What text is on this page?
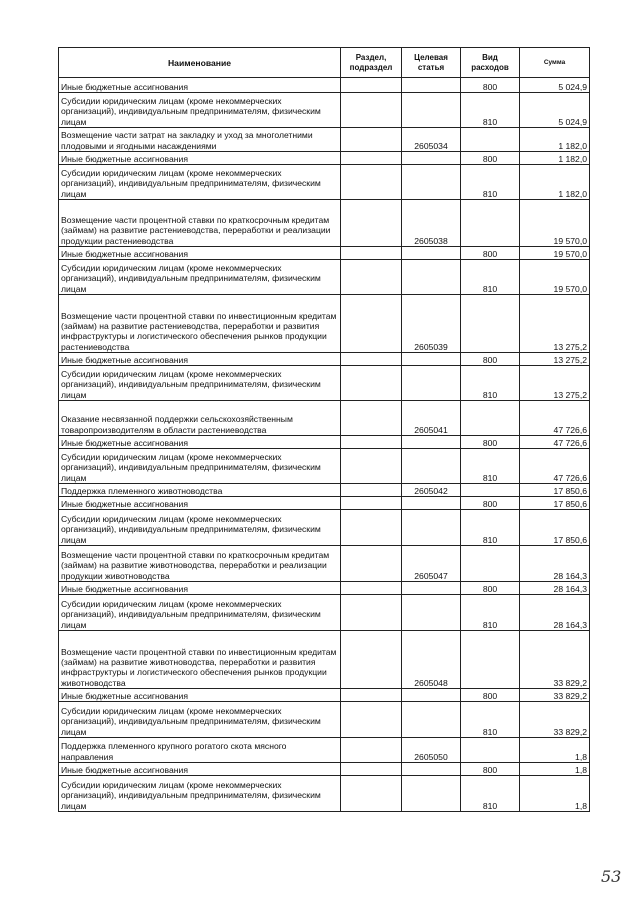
Наименование	Раздел, подраздел	Целевая статья	Вид расходов	Сумма
Иные бюджетные ассигнования			800	5 024,9
Субсидии юридическим лицам (кроме некоммерческих организаций), индивидуальным предпринимателям, физическим лицам			810	5 024,9
Возмещение части затрат на закладку и уход за многолетними плодовыми и ягодными насаждениями		2605034		1 182,0
Иные бюджетные ассигнования			800	1 182,0
Субсидии юридическим лицам (кроме некоммерческих организаций), индивидуальным предпринимателям, физическим лицам			810	1 182,0
Возмещение части процентной ставки по краткосрочным кредитам (займам) на развитие растениеводства, переработки и реализации продукции растениеводства		2605038		19 570,0
Иные бюджетные ассигнования			800	19 570,0
Субсидии юридическим лицам (кроме некоммерческих организаций), индивидуальным предпринимателям, физическим лицам			810	19 570,0
Возмещение части процентной ставки по инвестиционным кредитам (займам) на развитие растениеводства, переработки и развития инфраструктуры и логистического обеспечения рынков продукции растениеводства		2605039		13 275,2
Иные бюджетные ассигнования			800	13 275,2
Субсидии юридическим лицам (кроме некоммерческих организаций), индивидуальным предпринимателям, физическим лицам			810	13 275,2
Оказание несвязанной поддержки сельскохозяйственным товаропроизводителям в области растениеводства		2605041		47 726,6
Иные бюджетные ассигнования			800	47 726,6
Субсидии юридическим лицам (кроме некоммерческих организаций), индивидуальным предпринимателям, физическим лицам			810	47 726,6
Поддержка племенного животноводства		2605042		17 850,6
Иные бюджетные ассигнования			800	17 850,6
Субсидии юридическим лицам (кроме некоммерческих организаций), индивидуальным предпринимателям, физическим лицам			810	17 850,6
Возмещение части процентной ставки по краткосрочным кредитам (займам) на развитие животноводства, переработки и реализации продукции животноводства		2605047		28 164,3
Иные бюджетные ассигнования			800	28 164,3
Субсидии юридическим лицам (кроме некоммерческих организаций), индивидуальным предпринимателям, физическим лицам			810	28 164,3
Возмещение части процентной ставки по инвестиционным кредитам (займам) на развитие животноводства, переработки и развития инфраструктуры и логистического обеспечения рынков продукции животноводства		2605048		33 829,2
Иные бюджетные ассигнования			800	33 829,2
Субсидии юридическим лицам (кроме некоммерческих организаций), индивидуальным предпринимателям, физическим лицам			810	33 829,2
Поддержка племенного крупного рогатого скота мясного направления		2605050		1,8
Иные бюджетные ассигнования			800	1,8
Субсидии юридическим лицам (кроме некоммерческих организаций), индивидуальным предпринимателям, физическим лицам			810	1,8
53
